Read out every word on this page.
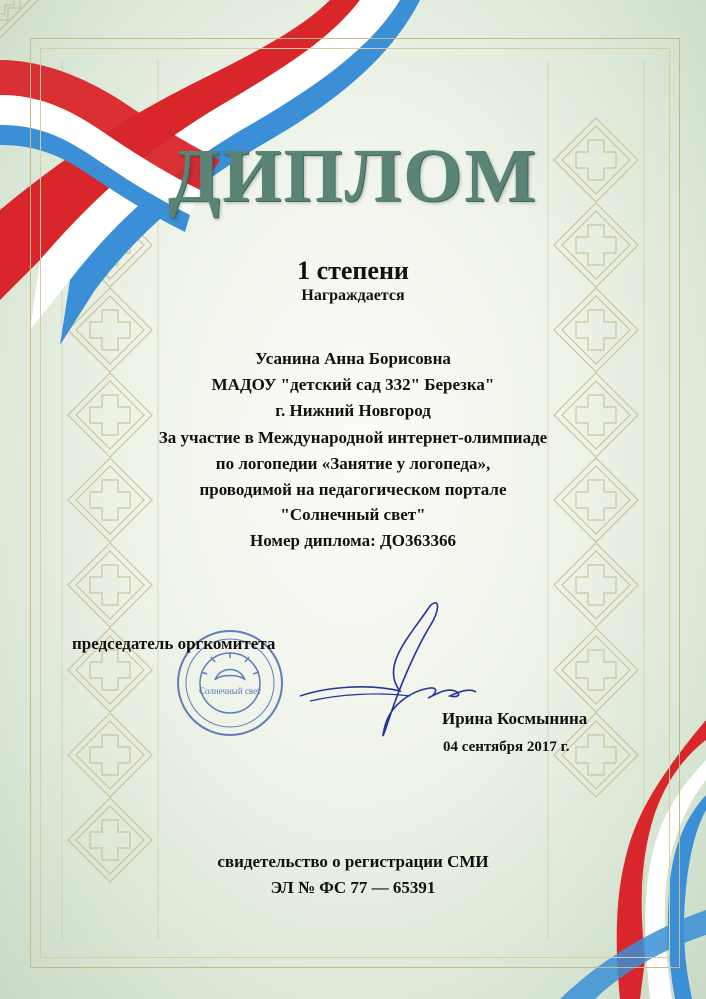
ДИПЛОМ
1 степени
Награждается
Усанина Анна Борисовна
МАДОУ "детский сад 332" Березка"
г. Нижний Новгород
За участие в Международной интернет-олимпиаде
по логопедии «Занятие у логопеда»,
проводимой на педагогическом портале
"Солнечный свет"
Номер диплома: ДО363366
Солнечный свет
председатель оргкомитета
Ирина Космынина
04 сентября 2017 г.
свидетельство о регистрации СМИ
ЭЛ № ФС 77 — 65391
